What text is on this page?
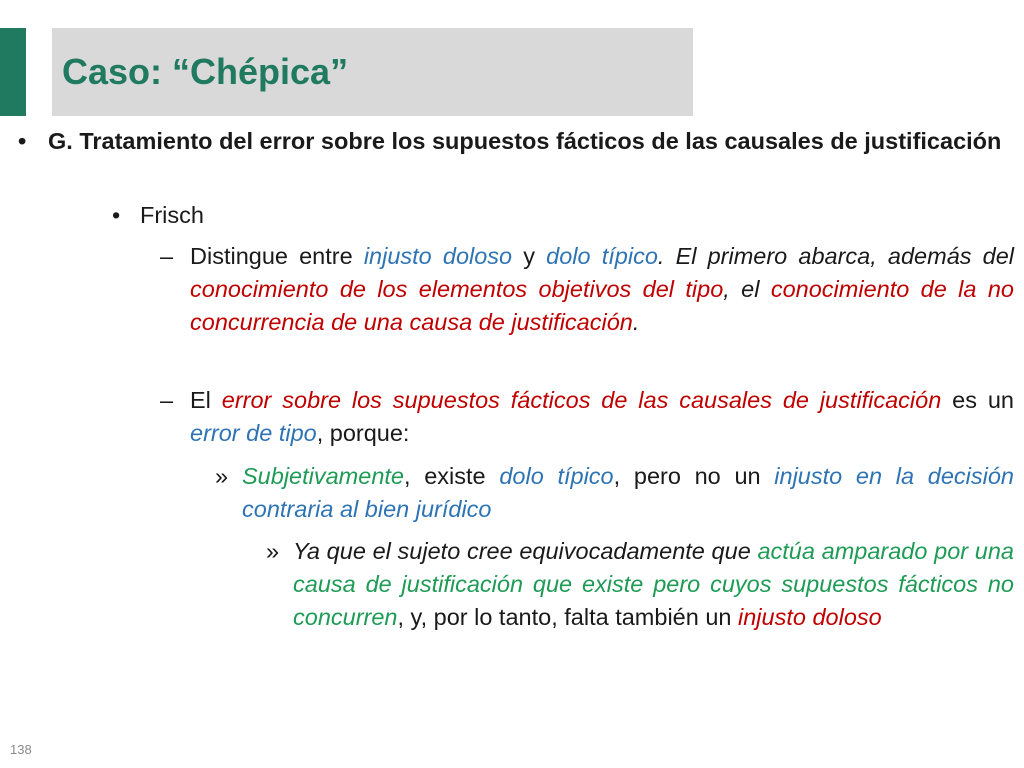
Caso: “Chépica”
• G. Tratamiento del error sobre los supuestos fácticos de las causales de justificación
• Frisch
– Distingue entre injusto doloso y dolo típico. El primero abarca, además del conocimiento de los elementos objetivos del tipo, el conocimiento de la no concurrencia de una causa de justificación.
– El error sobre los supuestos fácticos de las causales de justificación es un error de tipo, porque:
» Subjetivamente, existe dolo típico, pero no un injusto en la decisión contraria al bien jurídico
» Ya que el sujeto cree equivocadamente que actúa amparado por una causa de justificación que existe pero cuyos supuestos fácticos no concurren, y, por lo tanto, falta también un injusto doloso
138
